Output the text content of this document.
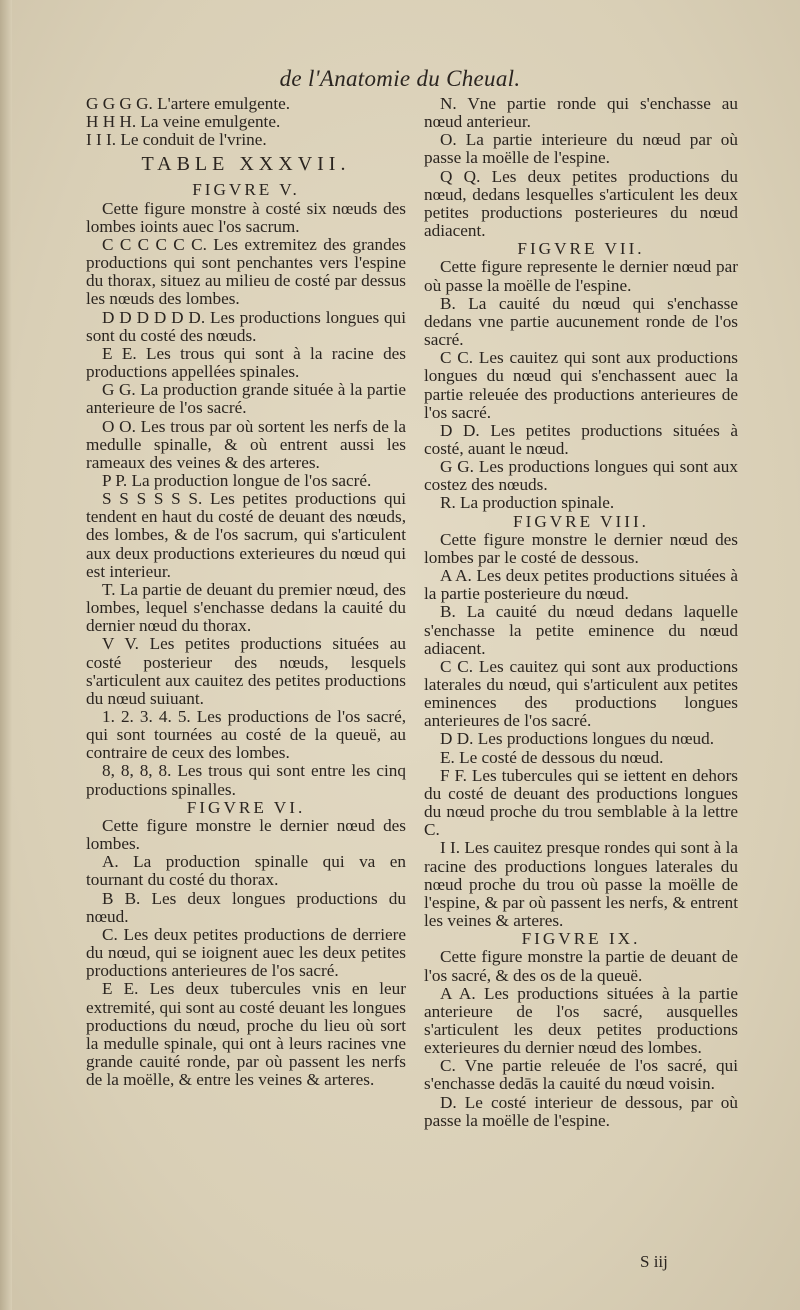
de l'Anatomie du Cheual.

G G G G. L'artere emulgente.

H H H. La veine emulgente.

I I I. Le conduit de l'vrine.

TABLE XXXVII.

FIGVRE V.

Cette figure monstre à costé six nœuds des lombes ioints auec l'os sacrum.

C C C C C C. Les extremitez des grandes productions qui sont penchantes vers l'espine du thorax, situez au milieu de costé par dessus les nœuds des lombes.

D D D D D D. Les productions longues qui sont du costé des nœuds.

E E. Les trous qui sont à la racine des productions appellées spinales.

G G. La production grande située à la partie anterieure de l'os sacré.

O O. Les trous par où sortent les nerfs de la medulle spinalle, & où entrent aussi les rameaux des veines & des arteres.

P P. La production longue de l'os sacré.

S S S S S S. Les petites productions qui tendent en haut du costé de deuant des nœuds, des lombes, & de l'os sacrum, qui s'articulent aux deux productions exterieures du nœud qui est interieur.

T. La partie de deuant du premier nœud, des lombes, lequel s'enchasse dedans la cauité du dernier nœud du thorax.

V V. Les petites productions situées au costé posterieur des nœuds, lesquels s'articulent aux cauitez des petites productions du nœud suiuant.

1. 2. 3. 4. 5. Les productions de l'os sacré, qui sont tournées au costé de la queuë, au contraire de ceux des lombes.

8, 8, 8, 8. Les trous qui sont entre les cinq productions spinalles.

FIGVRE VI.

Cette figure monstre le dernier nœud des lombes.

A. La production spinalle qui va en tournant du costé du thorax.

B B. Les deux longues productions du nœud.

C. Les deux petites productions de derriere du nœud, qui se ioignent auec les deux petites productions anterieures de l'os sacré.

E E. Les deux tubercules vnis en leur extremité, qui sont au costé deuant les longues productions du nœud, proche du lieu où sort la medulle spinale, qui ont à leurs racines vne grande cauité ronde, par où passent les nerfs de la moëlle, & entre les veines & arteres.

N. Vne partie ronde qui s'enchasse au nœud anterieur.

O. La partie interieure du nœud par où passe la moëlle de l'espine.

Q Q. Les deux petites productions du nœud, dedans lesquelles s'articulent les deux petites productions posterieures du nœud adiacent.

FIGVRE VII.

Cette figure represente le dernier nœud par où passe la moëlle de l'espine.

B. La cauité du nœud qui s'enchasse dedans vne partie aucunement ronde de l'os sacré.

C C. Les cauitez qui sont aux productions longues du nœud qui s'enchassent auec la partie releuée des productions anterieures de l'os sacré.

D D. Les petites productions situées à costé, auant le nœud.

G G. Les productions longues qui sont aux costez des nœuds.

R. La production spinale.

FIGVRE VIII.

Cette figure monstre le dernier nœud des lombes par le costé de dessous.

A A. Les deux petites productions situées à la partie posterieure du nœud.

B. La cauité du nœud dedans laquelle s'enchasse la petite eminence du nœud adiacent.

C C. Les cauitez qui sont aux productions laterales du nœud, qui s'articulent aux petites eminences des productions longues anterieures de l'os sacré.

D D. Les productions longues du nœud.

E. Le costé de dessous du nœud.

F F. Les tubercules qui se iettent en dehors du costé de deuant des productions longues du nœud proche du trou semblable à la lettre C.

I I. Les cauitez presque rondes qui sont à la racine des productions longues laterales du nœud proche du trou où passe la moëlle de l'espine, & par où passent les nerfs, & entrent les veines & arteres.

FIGVRE IX.

Cette figure monstre la partie de deuant de l'os sacré, & des os de la queuë.

A A. Les productions situées à la partie anterieure de l'os sacré, ausquelles s'articulent les deux petites productions exterieures du dernier nœud des lombes.

C. Vne partie releuée de l'os sacré, qui s'enchasse dedās la cauité du nœud voisin.

D. Le costé interieur de dessous, par où passe la moëlle de l'espine.

S iij
